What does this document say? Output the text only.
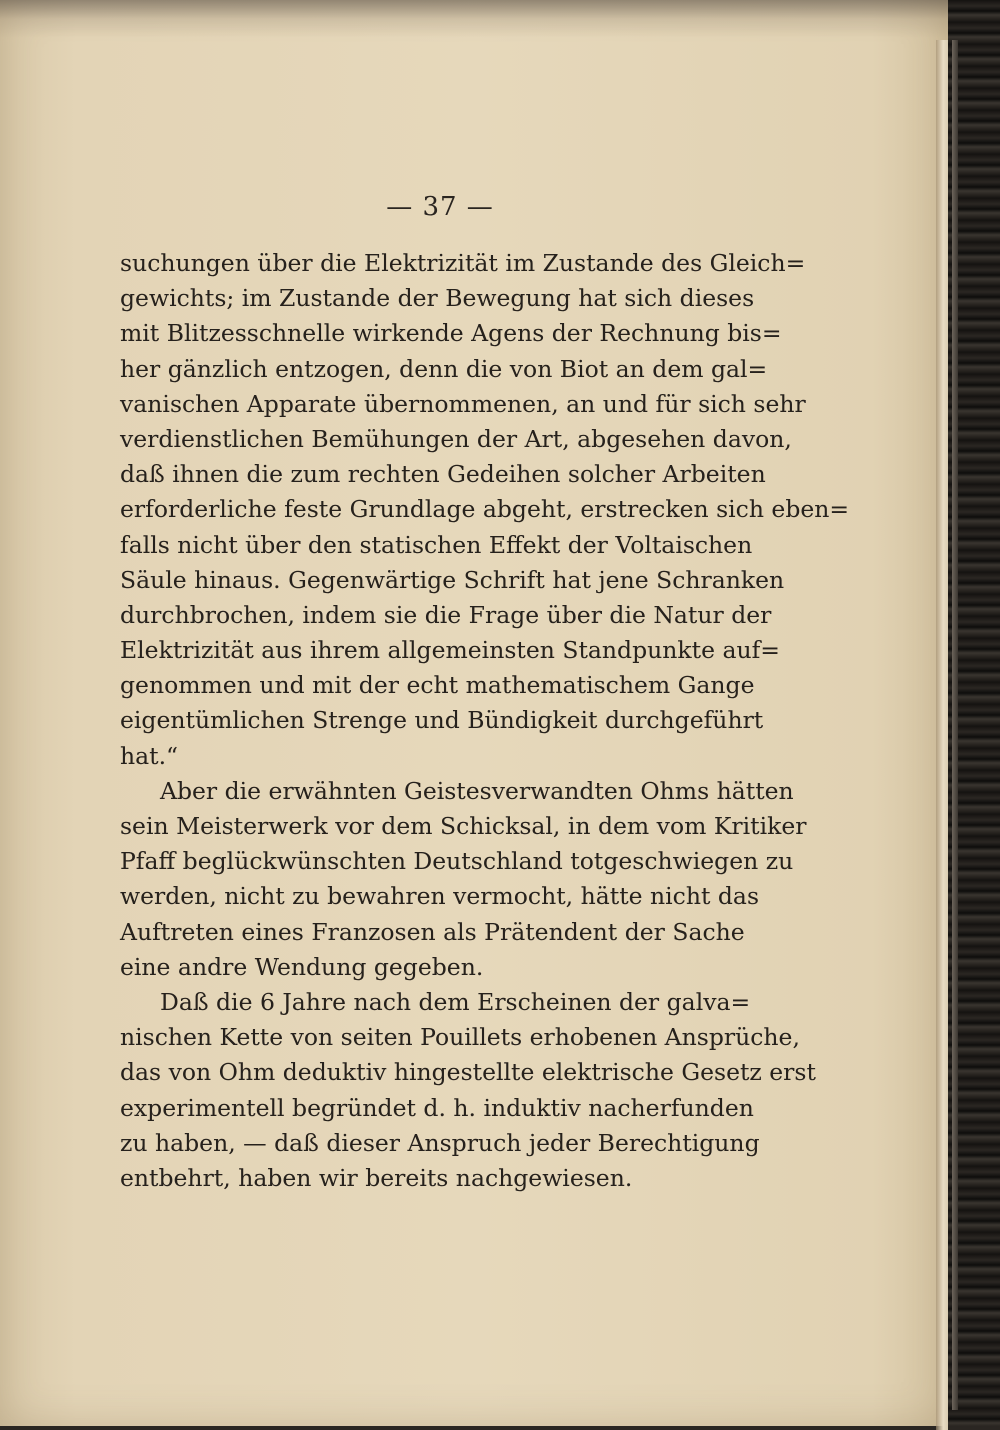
— 37 —
suchungen über die Elektrizität im Zustande des Gleich=
gewichts; im Zustande der Bewegung hat sich dieses
mit Blitzesschnelle wirkende Agens der Rechnung bis=
her gänzlich entzogen, denn die von Biot an dem gal=
vanischen Apparate übernommenen, an und für sich sehr
verdienstlichen Bemühungen der Art, abgesehen davon,
daß ihnen die zum rechten Gedeihen solcher Arbeiten
erforderliche feste Grundlage abgeht, erstrecken sich eben=
falls nicht über den statischen Effekt der Voltaischen
Säule hinaus. Gegenwärtige Schrift hat jene Schranken
durchbrochen, indem sie die Frage über die Natur der
Elektrizität aus ihrem allgemeinsten Standpunkte auf=
genommen und mit der echt mathematischem Gange
eigentümlichen Strenge und Bündigkeit durchgeführt
hat.“
Aber die erwähnten Geistesverwandten Ohms hätten
sein Meisterwerk vor dem Schicksal, in dem vom Kritiker
Pfaff beglückwünschten Deutschland totgeschwiegen zu
werden, nicht zu bewahren vermocht, hätte nicht das
Auftreten eines Franzosen als Prätendent der Sache
eine andre Wendung gegeben.
Daß die 6 Jahre nach dem Erscheinen der galva=
nischen Kette von seiten Pouillets erhobenen Ansprüche,
das von Ohm deduktiv hingestellte elektrische Gesetz erst
experimentell begründet d. h. induktiv nacherfunden
zu haben, — daß dieser Anspruch jeder Berechtigung
entbehrt, haben wir bereits nachgewiesen.
